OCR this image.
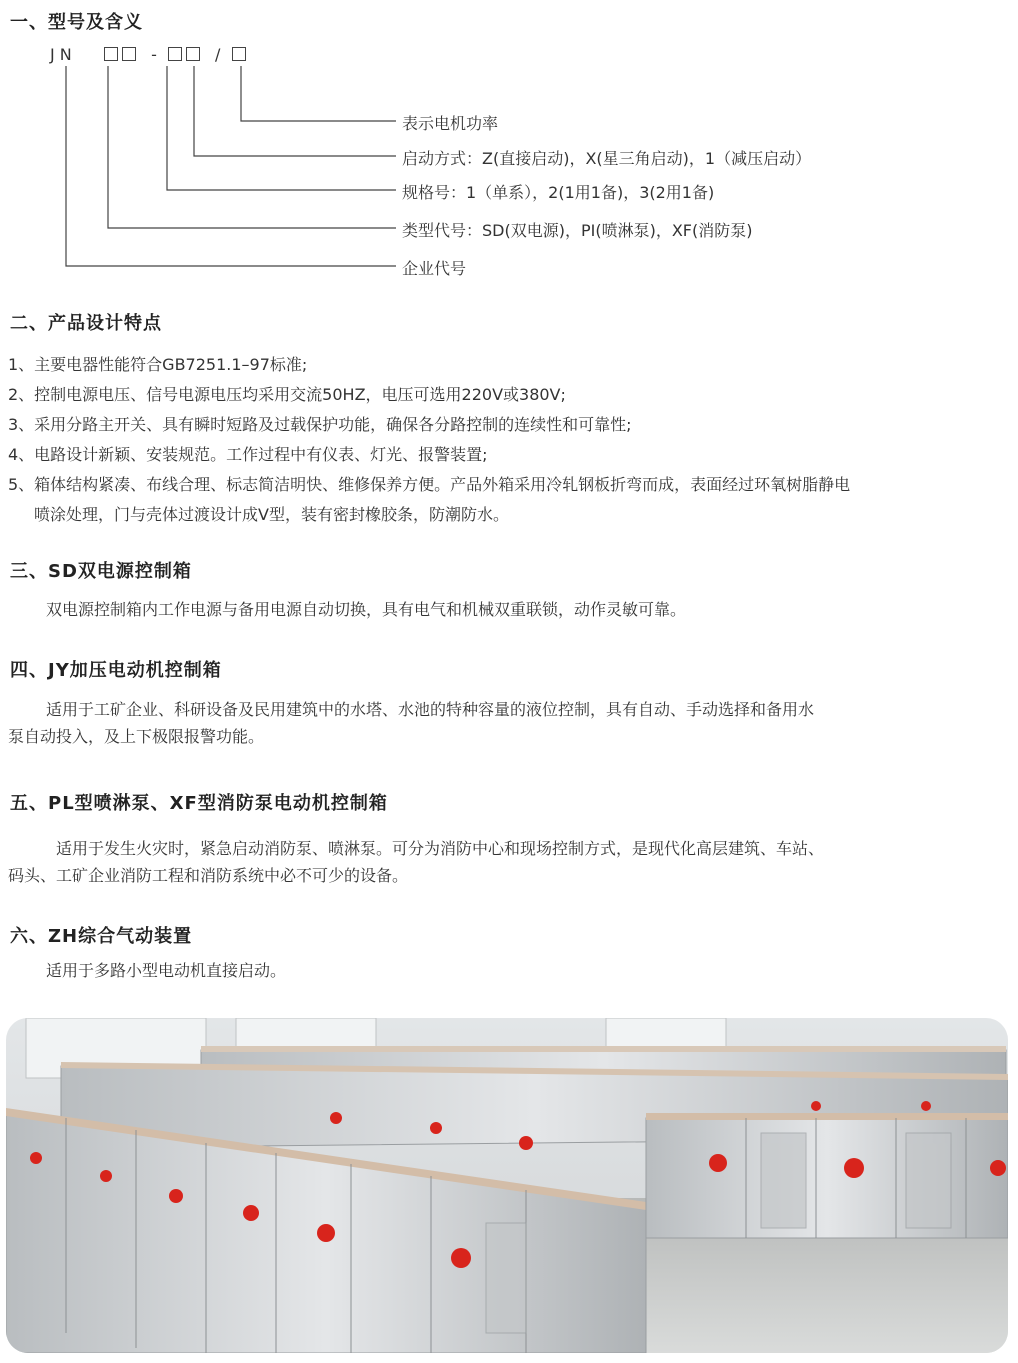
一、型号及含义
J N	-	/
表示电机功率
启动方式：Z(直接启动)，X(星三角启动)，1（减压启动）
规格号：1（单系），2(1用1备)，3(2用1备)
类型代号：SD(双电源)，PI(喷淋泵)，XF(消防泵)
企业代号
二、产品设计特点
1、主要电器性能符合GB7251.1–97标准;
2、控制电源电压、信号电源电压均采用交流50HZ，电压可选用220V或380V;
3、采用分路主开关、具有瞬时短路及过载保护功能，确保各分路控制的连续性和可靠性;
4、电路设计新颖、安装规范。工作过程中有仪表、灯光、报警装置;
5、箱体结构紧凑、布线合理、标志简洁明快、维修保养方便。产品外箱采用冷轧钢板折弯而成，表面经过环氧树脂静电
喷涂处理，门与壳体过渡设计成V型，装有密封橡胶条，防潮防水。
三、SD双电源控制箱
双电源控制箱内工作电源与备用电源自动切换，具有电气和机械双重联锁，动作灵敏可靠。
四、JY加压电动机控制箱
适用于工矿企业、科研设备及民用建筑中的水塔、水池的特种容量的液位控制，具有自动、手动选择和备用水
泵自动投入，及上下极限报警功能。
五、PL型喷淋泵、XF型消防泵电动机控制箱
适用于发生火灾时，紧急启动消防泵、喷淋泵。可分为消防中心和现场控制方式，是现代化高层建筑、车站、
码头、工矿企业消防工程和消防系统中必不可少的设备。
六、ZH综合气动装置
适用于多路小型电动机直接启动。
